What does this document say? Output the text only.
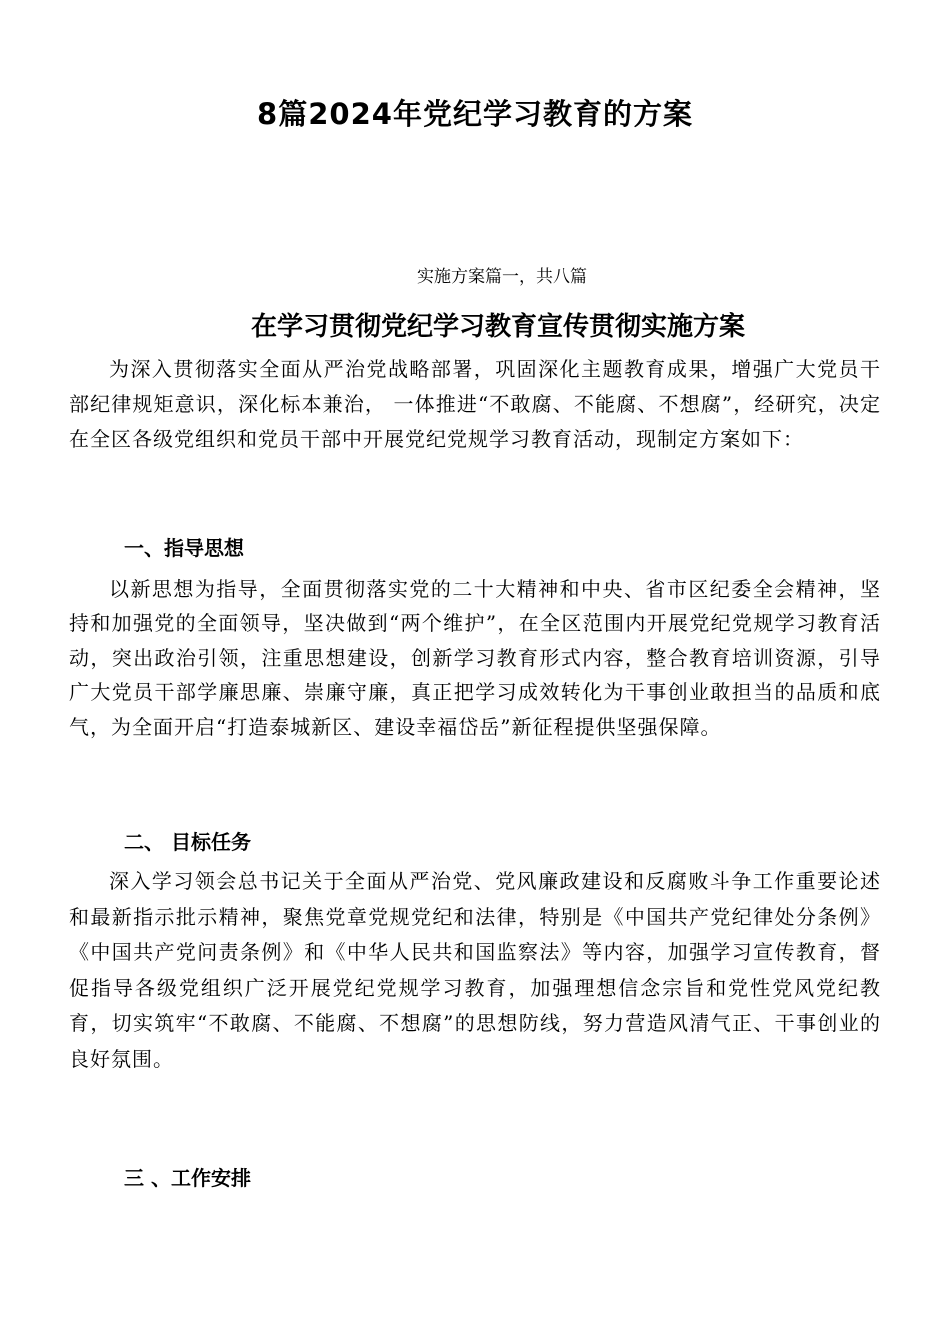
8篇2024年党纪学习教育的方案

实施方案篇一，共八篇

在学习贯彻党纪学习教育宣传贯彻实施方案

为深入贯彻落实全面从严治党战略部署，巩固深化主题教育成果，增强广大党员干部纪律规矩意识，深化标本兼治， 一体推进“不敢腐、不能腐、不想腐”，经研究，决定在全区各级党组织和党员干部中开展党纪党规学习教育活动，现制定方案如下：

一、指导思想

以新思想为指导，全面贯彻落实党的二十大精神和中央、省市区纪委全会精神，坚持和加强党的全面领导，坚决做到“两个维护”，在全区范围内开展党纪党规学习教育活动，突出政治引领，注重思想建设，创新学习教育形式内容，整合教育培训资源，引导广大党员干部学廉思廉、崇廉守廉，真正把学习成效转化为干事创业敢担当的品质和底气，为全面开启“打造泰城新区、建设幸福岱岳”新征程提供坚强保障。

二、 目标任务

深入学习领会总书记关于全面从严治党、党风廉政建设和反腐败斗争工作重要论述和最新指示批示精神，聚焦党章党规党纪和法律，特别是《中国共产党纪律处分条例》 《中国共产党问责条例》和《中华人民共和国监察法》等内容，加强学习宣传教育，督促指导各级党组织广泛开展党纪党规学习教育，加强理想信念宗旨和党性党风党纪教育，切实筑牢“不敢腐、不能腐、不想腐”的思想防线，努力营造风清气正、干事创业的良好氛围。

三 、工作安排
